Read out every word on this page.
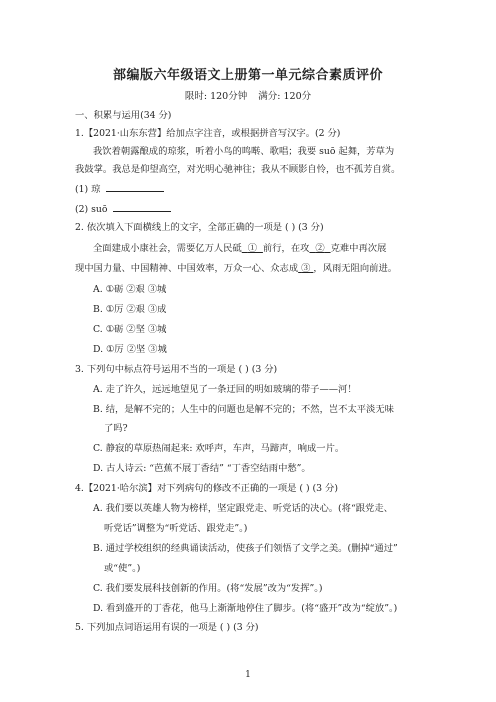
部编版六年级语文上册第一单元综合素质评价
限时: 120分钟 满分: 120分
一、积累与运用(34 分)
1.【2021·山东东营】给加点字注音，或根据拼音写汉字。(2 分)
我饮着朝露酿成的琼浆，听着小鸟的鸣啭、歌唱；我要 suō 起舞，芳草为
我鼓掌。我总是仰望高空，对光明心驰神往；我从不顾影自怜，也不孤芳自赏。
(1) 琼
(2) suō
2. 依次填入下面横线上的文字，全部正确的一项是 ( ) (3 分)
全面建成小康社会，需要亿万人民砥 ① 前行，在攻 ② 克难中再次展
现中国力量、中国精神、中国效率，万众一心、众志成 ③ ，风雨无阻向前进。
A. ①砺 ②艰 ③城
B. ①厉 ②艰 ③成
C. ①砺 ②坚 ③城
D. ①厉 ②坚 ③城
3. 下列句中标点符号运用不当的一项是 ( ) (3 分)
A. 走了许久，远远地望见了一条迂回的明如玻璃的带子——河！
B. 结，是解不完的；人生中的问题也是解不完的；不然，岂不太平淡无味
了吗?
C. 静寂的草原热闹起来: 欢呼声，车声，马蹄声，响成一片。
D. 古人诗云: “芭蕉不展丁香结” “丁香空结雨中愁”。
4.【2021·哈尔滨】对下列病句的修改不正确的一项是 ( ) (3 分)
A. 我们要以英雄人物为榜样，坚定跟党走、听党话的决心。(将“跟党走、
听党话”调整为“听党话、跟党走”。)
B. 通过学校组织的经典诵读活动，使孩子们领悟了文学之美。(删掉“通过”
或“使”。)
C. 我们要发展科技创新的作用。(将“发展”改为“发挥”。)
D. 看到盛开的丁香花，他马上渐渐地停住了脚步。(将“盛开”改为“绽放”。)
5. 下列加点词语运用有误的一项是 ( ) (3 分)
1
